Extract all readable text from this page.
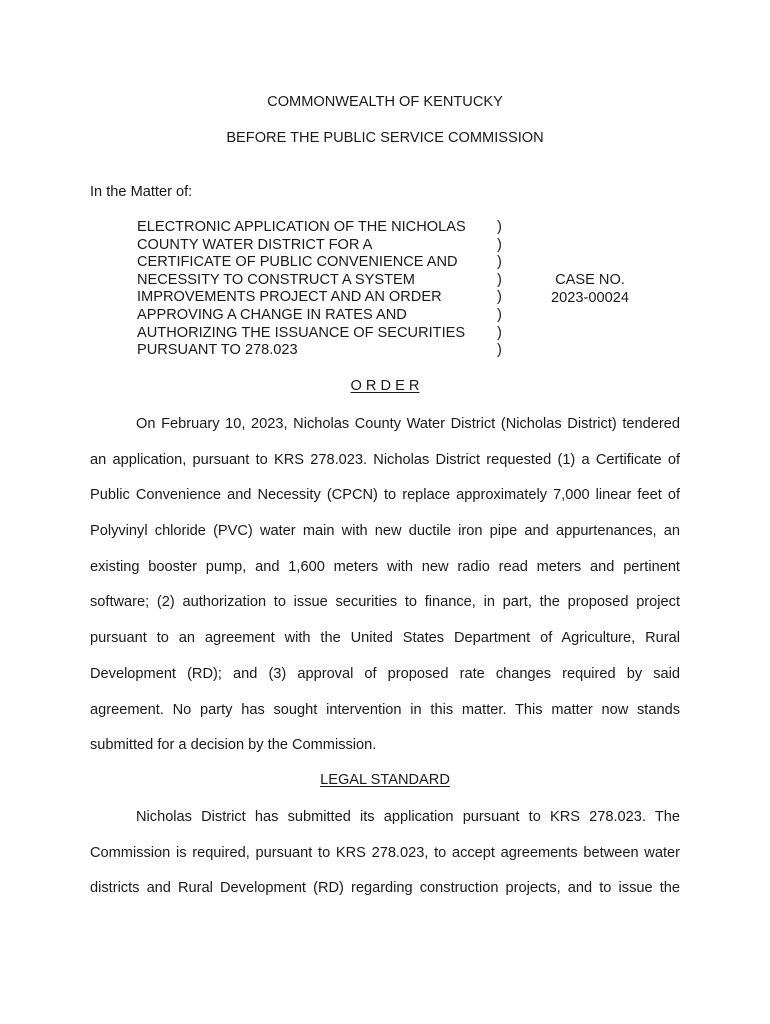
COMMONWEALTH OF KENTUCKY
BEFORE THE PUBLIC SERVICE COMMISSION
In the Matter of:
ELECTRONIC APPLICATION OF THE NICHOLAS
COUNTY WATER DISTRICT FOR A
CERTIFICATE OF PUBLIC CONVENIENCE AND
NECESSITY TO CONSTRUCT A SYSTEM
IMPROVEMENTS PROJECT AND AN ORDER
APPROVING A CHANGE IN RATES AND
AUTHORIZING THE ISSUANCE OF SECURITIES
PURSUANT TO 278.023
)
)
)
)
)
)
)
)
CASE NO.
2023-00024
O R D E R
On February 10, 2023, Nicholas County Water District (Nicholas District) tendered
an application, pursuant to KRS 278.023. Nicholas District requested (1) a Certificate of
Public Convenience and Necessity (CPCN) to replace approximately 7,000 linear feet of
Polyvinyl chloride (PVC) water main with new ductile iron pipe and appurtenances, an
existing booster pump, and 1,600 meters with new radio read meters and pertinent
software; (2) authorization to issue securities to finance, in part, the proposed project
pursuant to an agreement with the United States Department of Agriculture, Rural
Development (RD); and (3) approval of proposed rate changes required by said
agreement. No party has sought intervention in this matter. This matter now stands
submitted for a decision by the Commission.
LEGAL STANDARD
Nicholas District has submitted its application pursuant to KRS 278.023. The
Commission is required, pursuant to KRS 278.023, to accept agreements between water
districts and Rural Development (RD) regarding construction projects, and to issue the
